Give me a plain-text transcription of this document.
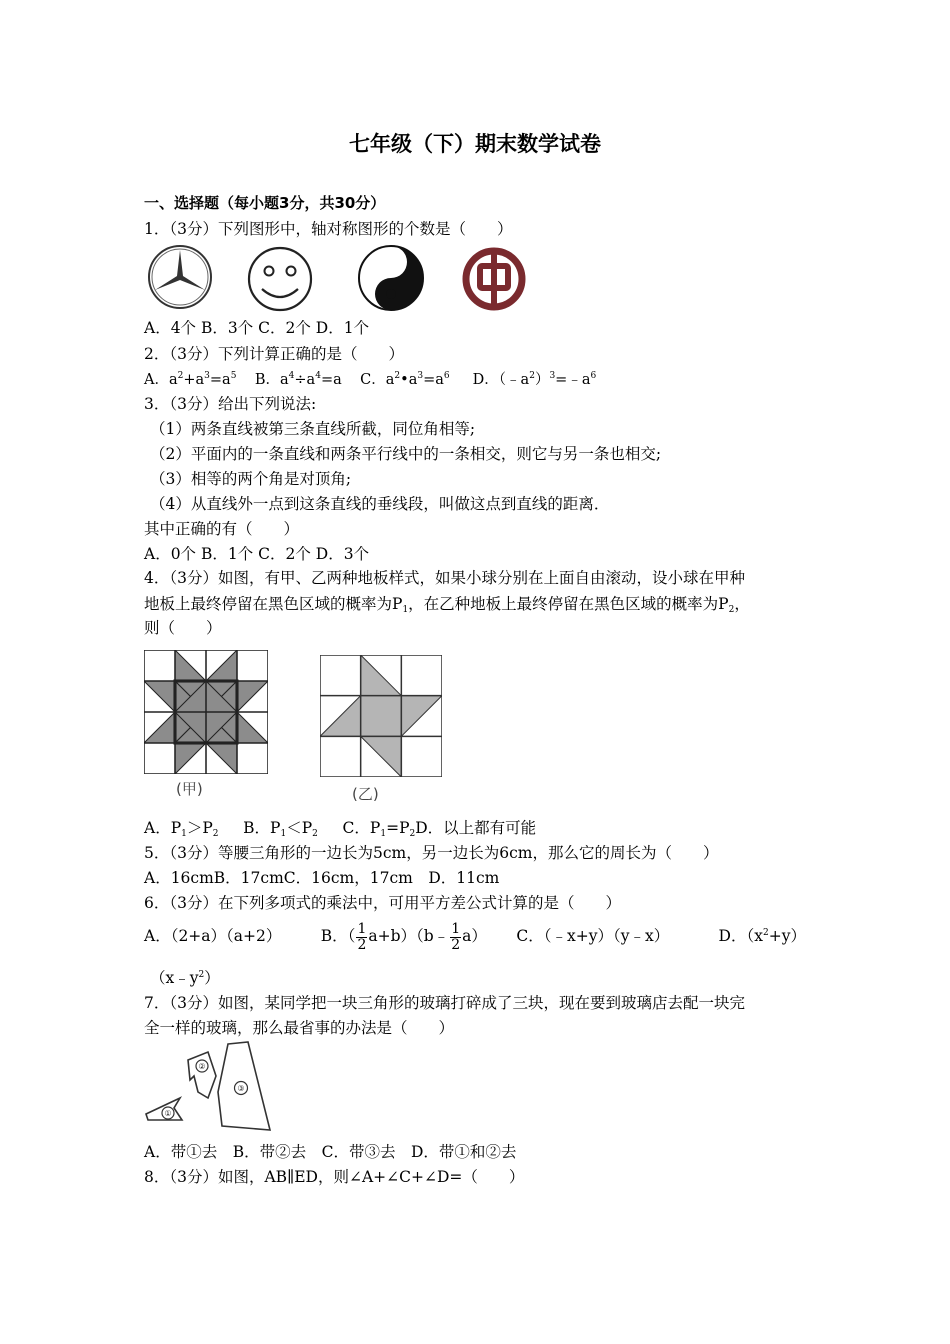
七年级（下）期末数学试卷
一、选择题（每小题3分，共30分）
1．（3分）下列图形中，轴对称图形的个数是（　　）
A．4个 B．3个 C．2个 D．1个
2．（3分）下列计算正确的是（　　）
A．$a^2+a^3=a^5$ B．$a^4\div a^4=a$ C．$a^2•a^3=a^6$ D．$(﹣a^2)^3=﹣a^6$
3．（3分）给出下列说法:
（1）两条直线被第三条直线所截，同位角相等;
（2）平面内的一条直线和两条平行线中的一条相交，则它与另一条也相交;
（3）相等的两个角是对顶角;
（4）从直线外一点到这条直线的垂线段，叫做这点到直线的距离．
其中正确的有（　　）
A．0个 B．1个 C．2个 D．3个
4．（3分）如图，有甲、乙两种地板样式，如果小球分别在上面自由滚动，设小球在甲种
地板上最终停留在黑色区域的概率为$P_1$，在乙种地板上最终停留在黑色区域的概率为$P_2$，
则（　　）
(甲)	(乙)
A．$P_1>P_2$ B．$P_1<P_2$ C．$P_1=P_2D$．以上都有可能
5．（3分）等腰三角形的一边长为5cm，另一边长为6cm，那么它的周长为（　　）
A．16cmB．17cmC．16cm，17cm　D．11cm
6．（3分）在下列多项式的乘法中，可用平方差公式计算的是（　　）
A．（2+a）（a+2）	B．（ $\frac{1}{2}$ a+b）（b﹣ $\frac{1}{2} a$） C．（﹣x+y）（y﹣x）	D．$(x^2+y)$
$(x﹣y^2)$
7．（3分）如图，某同学把一块三角形的玻璃打碎成了三块，现在要到玻璃店去配一块完
全一样的玻璃，那么最省事的办法是（　　）
①
②
③
A．带①去　B．带②去　C．带③去　D．带①和②去
8．（3分）如图，AB∥ED，则∠A+∠C+∠D=（　　）
